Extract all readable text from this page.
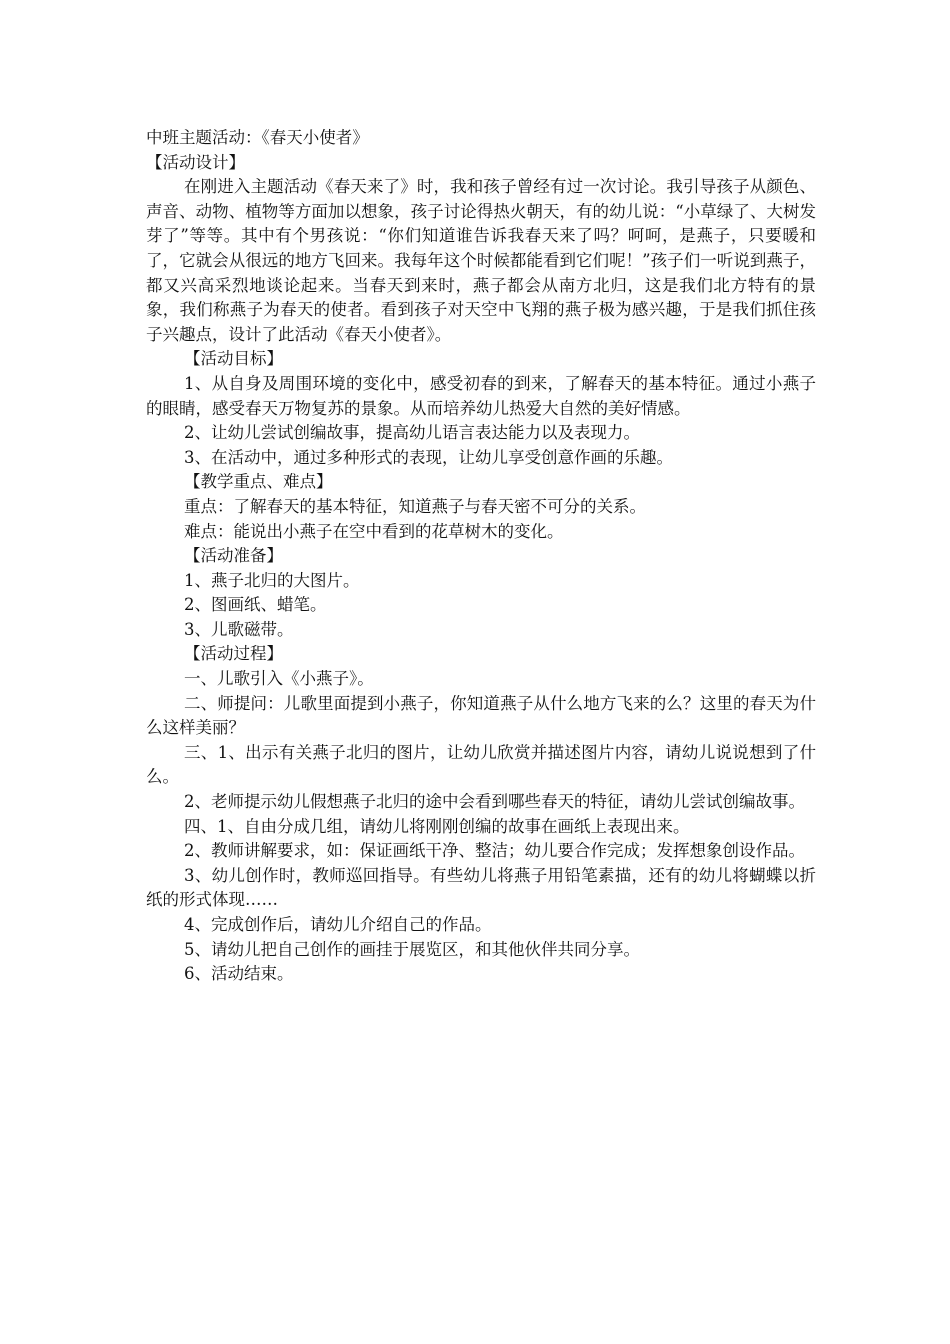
中班主题活动：《春天小使者》

【活动设计】

在刚进入主题活动《春天来了》时，我和孩子曾经有过一次讨论。我引导孩子从颜色、声音、动物、植物等方面加以想象，孩子讨论得热火朝天，有的幼儿说：“小草绿了、大树发芽了”等等。其中有个男孩说：“你们知道谁告诉我春天来了吗？呵呵，是燕子，只要暖和了，它就会从很远的地方飞回来。我每年这个时候都能看到它们呢！”孩子们一听说到燕子，都又兴高采烈地谈论起来。当春天到来时，燕子都会从南方北归，这是我们北方特有的景象，我们称燕子为春天的使者。看到孩子对天空中飞翔的燕子极为感兴趣，于是我们抓住孩子兴趣点，设计了此活动《春天小使者》。

【活动目标】

1、从自身及周围环境的变化中，感受初春的到来，了解春天的基本特征。通过小燕子的眼睛，感受春天万物复苏的景象。从而培养幼儿热爱大自然的美好情感。

2、让幼儿尝试创编故事，提高幼儿语言表达能力以及表现力。

3、在活动中，通过多种形式的表现，让幼儿享受创意作画的乐趣。

【教学重点、难点】

重点：了解春天的基本特征，知道燕子与春天密不可分的关系。

难点：能说出小燕子在空中看到的花草树木的变化。

【活动准备】

1、燕子北归的大图片。

2、图画纸、蜡笔。

3、儿歌磁带。

【活动过程】

一、儿歌引入《小燕子》。

二、师提问：儿歌里面提到小燕子，你知道燕子从什么地方飞来的么？这里的春天为什么这样美丽？

三、1、出示有关燕子北归的图片，让幼儿欣赏并描述图片内容，请幼儿说说想到了什么。

2、老师提示幼儿假想燕子北归的途中会看到哪些春天的特征，请幼儿尝试创编故事。

四、1、自由分成几组，请幼儿将刚刚创编的故事在画纸上表现出来。

2、教师讲解要求，如：保证画纸干净、整洁；幼儿要合作完成；发挥想象创设作品。

3、幼儿创作时，教师巡回指导。有些幼儿将燕子用铅笔素描，还有的幼儿将蝴蝶以折纸的形式体现……

4、完成创作后，请幼儿介绍自己的作品。

5、请幼儿把自己创作的画挂于展览区，和其他伙伴共同分享。

6、活动结束。
